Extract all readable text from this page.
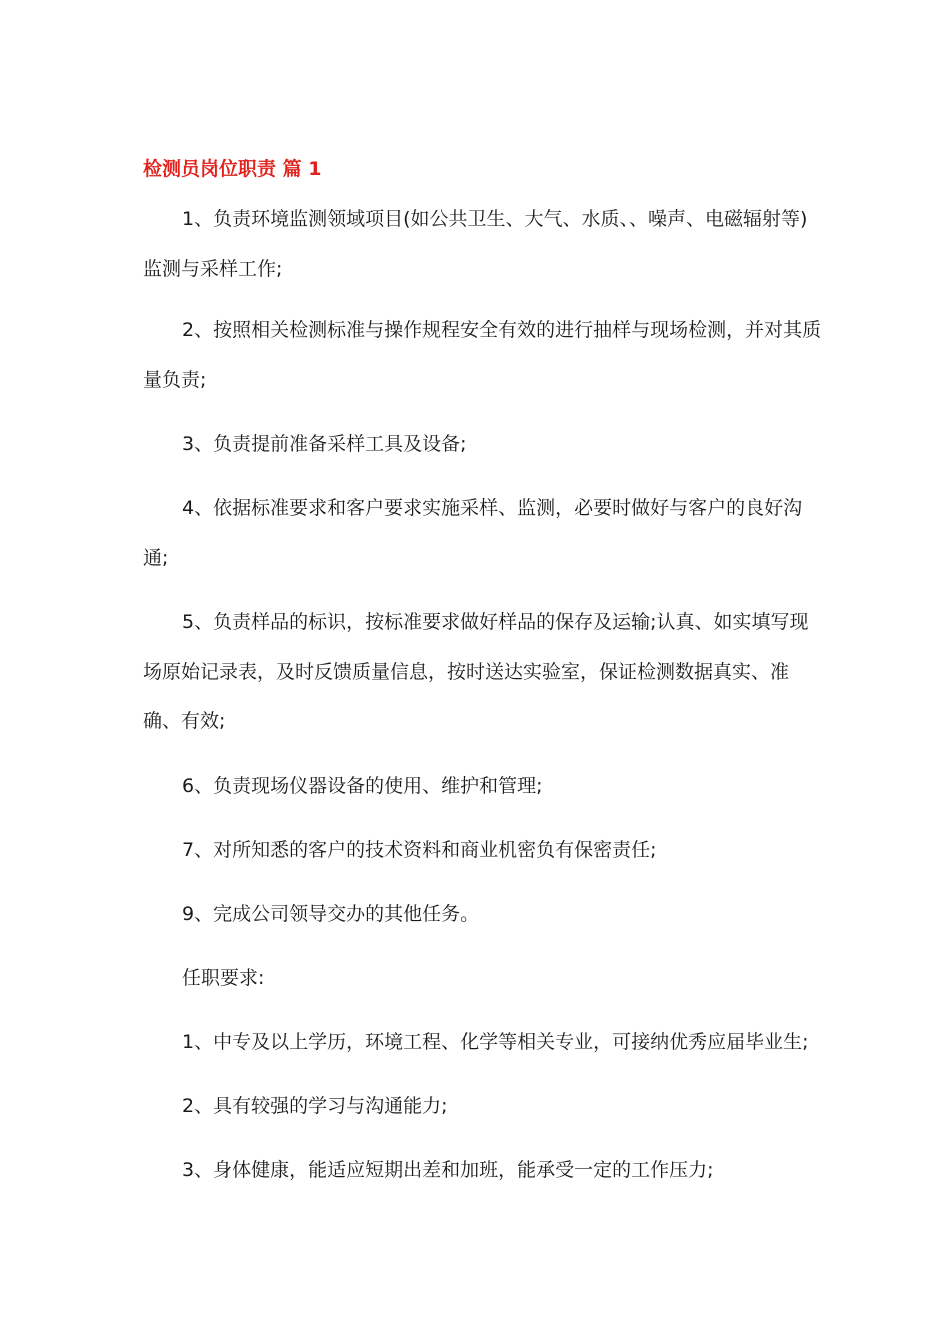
检测员岗位职责 篇 1

1、负责环境监测领域项目(如公共卫生、大气、水质、、噪声、电磁辐射等)监测与采样工作;

2、按照相关检测标准与操作规程安全有效的进行抽样与现场检测，并对其质量负责;

3、负责提前准备采样工具及设备;

4、依据标准要求和客户要求实施采样、监测，必要时做好与客户的良好沟通;

5、负责样品的标识，按标准要求做好样品的保存及运输;认真、如实填写现场原始记录表，及时反馈质量信息，按时送达实验室，保证检测数据真实、准确、有效;

6、负责现场仪器设备的使用、维护和管理;

7、对所知悉的客户的技术资料和商业机密负有保密责任;

9、完成公司领导交办的其他任务。

任职要求:

1、中专及以上学历，环境工程、化学等相关专业，可接纳优秀应届毕业生;

2、具有较强的学习与沟通能力;

3、身体健康，能适应短期出差和加班，能承受一定的工作压力;
